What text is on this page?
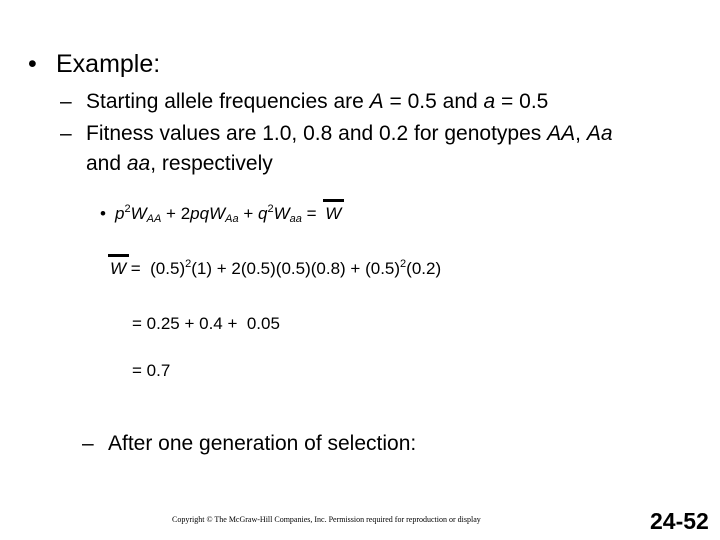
• Example:
– Starting allele frequencies are A = 0.5 and a = 0.5
– Fitness values are 1.0, 0.8 and 0.2 for genotypes AA, Aa
and aa, respectively
• $p^2W_{AA} + 2pqW_{Aa} + q^2W_{aa} = W$
$W = (0.5)^2(1) + 2(0.5)(0.5)(0.8) + (0.5)^2(0.2)$
= 0.25 + 0.4 +  0.05
= 0.7
– After one generation of selection:
Copyright © The McGraw-Hill Companies, Inc. Permission required for reproduction or display	24-52
